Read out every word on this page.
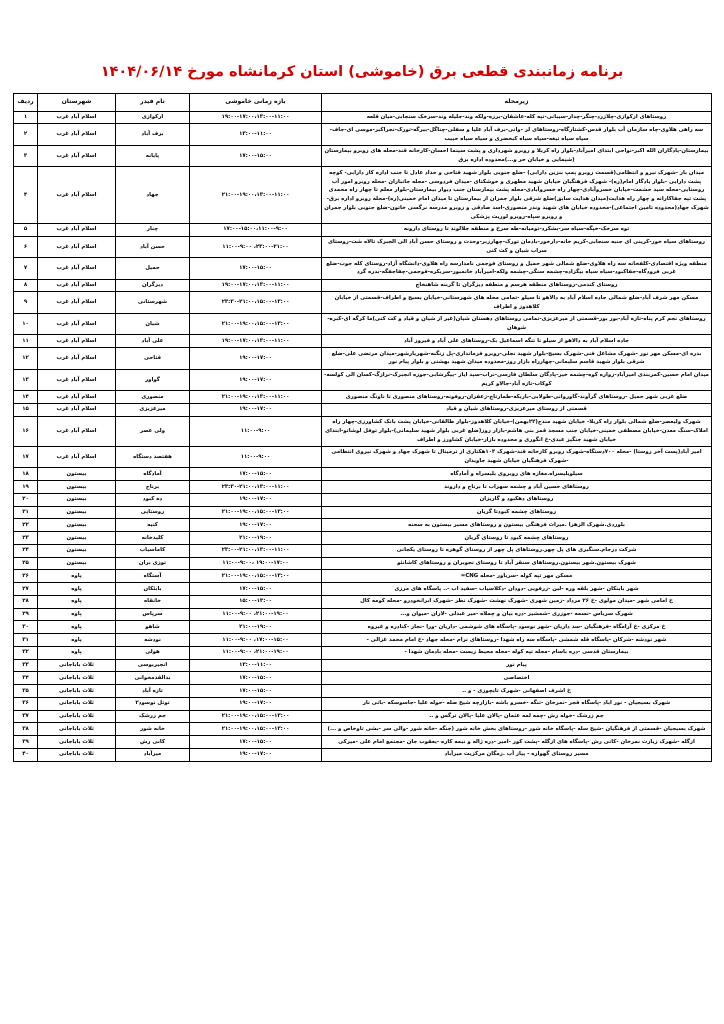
برنامه زمانبندی قطعی برق (خاموشی) استان کرمانشاه مورخ ۱۴۰۴/۰۶/۱۴
زیرمحله	بازه زمانی خاموشی	نام فیدر	شهرستان	ردیف
روستاهای ارکوازی-چلازرد-چنگر-چدار-سیبانی-تپه کله-عاشقان-برزه-ولکه وند-جلیله وند-سرخک سنجابی-میان قلعه	۱۹:۰۰-۱۷:۰۰،۱۳:۰۰-۱۱:۰۰	ارکوازی	اسلام آباد غرب	۱
سه راهی هلاوی-چاه سازمان آب بلوار قدس-کشتارگاه-روستاهای لر -وانی-برف آباد علیا و سفلی-چناگل-بیرگه-تورک-نجراکبر-موسی ای-جاف-سیاه سیاه تیغه-سیاه سیاه کبخضری و سیاه سیاه حبیب	۱۳:۰۰-۱۱:۰۰	برف آباد	اسلام آباد غرب	۲
بیمارستان-یادگاران الله اکبر-نواحی ابتدای امیرآباد-بلوار راه کربلا و روبرو شهرداری و پشت سینما احسان-کارخانه قند-محله های روبرو بیمارستان (شیمایی و خیابان حر و...)محدوده اداره برق	۱۷:۰۰-۱۵:۰۰	پایانه	اسلام آباد غرب	۳
میدان بار -شهرک نیرو و انتظامی(قسمت روبرو پمپ بنزین دارابی) -ضلع جنوبی بلوار شهید فتاحی و حداد عادل تا جنب اداره کار دارابی- کوچه پشت دارایی -بلوار یادگار امام(ره)- شهرک فرهنگیان خیابان شهید مطهری و خوشکتای -میدان فردوسی -محله جانبازان -محله روبرو امور آب روستایی-محله سید حشمت-خیابان خسروآبادی-چهار راه خسروآبادی-محله پشت بیمارستان جنب دیوار بیمارستان-بلوار معلم تا چهار راه محمدی پشت تپه جفاکارانه و چهار راه هدایت(میدان هدایت سابق)ضلع شرقی بلوار جمران از بیمارستان تا میدان امام خمینی(ره)-محله روبرو اداره برق-شهرک جهاد(محدوده تامین اجتماعی)-محدوده خیابان های شهید وندر منصوری-اسد صادقی و روبرو مدرسه نرگسی خاتون-ضلع جنوبی بلوار جمران و روبرو سپاه-روبرو لوریت پزشکی	۲۱:۰۰-۱۹:۰۰،۱۳:۰۰-۱۱:۰۰	جهاد	اسلام آباد غرب	۴
توه سرخک-خپگه-سیاه سر-بشکرد-تومیانه-طه سرخ و منطقه جلالوند تا روستای دارونه	۱۷:۰۰-۱۵:۰۰،۱۱:۰۰-۹:۰۰	چنار	اسلام آباد غرب	۵
روستاهای سیاه خور-کرینی ای جنبه سنجابی-کریم خانه-دارخور-بادمان تورک-چهارزبر-وحدت و روستای حسن آباد الی الجبرک تالاه شت-روستای سراب شیان و کت کنی	۲۳:۰۰-۲۱:۰۰، ۱۱:۰۰-۹:۰۰	حسن آباد	اسلام آباد غرب	۶
منطقه ویژه اقتصادی-کلفخانه سه راه هلاوی-ضلع شمالی شهر حمیل و روستای فوجمی نامدارسه راه هلاوی-دانشگاه آزاد-روستای کله جوب-ضلع غربی فرودگاه-جفاکبود-سیاه سیاه بیگزاده-چشمه سنگی-چشمه ولکه-امیرآباد خانمبور-سربکره-فوجمی-چفاجفگه-بدره گرد	۱۷:۰۰-۱۵:۰۰	حمیل	اسلام آباد غرب	۷
روستای کندمی-روستاهای منطقه هرسم و منطقه دیزگران تا گربنه شاهنخاچ	۱۹:۰۰-۱۷:۰۰،۱۳:۰۰-۱۱:۰۰	دیزگران	اسلام آباد غرب	۸
مسکن مهر شرف آباد-ضلع شمالی جاده اسلام آباد به دالاهو تا سیلو -تمامی محله های شهرستانی-خیابان بسیج و اطراف-قسمتی از خیابان کلاهدوز و اطراف	۲۳:۳۰-۲۱:۰۰،۱۵:۰۰-۱۳:۰۰	شهرستانی	اسلام آباد غرب	۹
روستاهای نجم کرم پناه-تازه آباد-بور بور-قسمتی از میرعزیزی-تمامی روستاهای دهستان شیان(غیر از شیان و قیاد و کت کنی)ما کرگه ای-کبره-شوهان	۲۱:۰۰-۱۹:۰۰،۱۵:۰۰-۱۳:۰۰	شیان	اسلام آباد غرب	۱۰
جاده اسلام آباد به دالاهو از سیلو تا تنگه اسماعیل بک-روستاهای علی آباد و فیروز آباد	۱۹:۰۰-۱۷:۰۰،۱۳:۰۰-۱۱:۰۰	علی آباد	اسلام آباد غرب	۱۱
بدره ای-مسکن مهر نور -شهرک مشاغل فنی-شهرک بسیج-بلوار شهید نجلی-روبرو فرمانداری-پل زنگنه-شهریارشهر-میدان مرتضی علی-ضلع شرقی بلوار شهید قاسم سلیمانی-چهارراه بازار روز-محدوده میدان شهید بهشتی و بلوار پیام نور	۱۹:۰۰-۱۷:۰۰	فتاحی	اسلام آباد غرب	۱۲
میدان امام حسین-کمربندی امیرآباد-زواره کوه-چشمه خیر-پادگان سلطان فارسی-نراب-سید ایاز -ییگرشابی-جوزه انجبرک-نرازگ-کسان الی کولسه-کوکاب-تازه آباد-جالاو کریم	۱۹:۰۰-۱۷:۰۰	گواور	اسلام آباد غرب	۱۳
ضلع غربی شهر حمیل -روستاهای گرآوند-گاوروانی-طولابی-باربکه-طمارتاچ-زعفران-روفونه-روستاهای منصوری تا ناونگ منصوری	۲۱:۰۰-۱۹:۰۰،۱۳:۰۰-۱۱:۰۰	منصوری	اسلام آباد غرب	۱۴
قسمتی از روستای میرعزیزی-روستاهای شیان و قیاد	۱۹:۰۰-۱۷:۰۰	میرعزیزی	اسلام آباد غرب	۱۵
شهرک ولیعصر-ضلع شمالی بلوار راه کربلا- خیابان شهید مندج(۲۲بهمن)-خیابان کلاهدوز-بلوار طالقانی-خیابان پشت بانک کشاورزی-چهار راه املاک-سنگ معدن-خیابان مصطفی خمینی-خیابان جنب مسجد قمر بنی هاشم-بازار روز(ضلع غربی بلوار شهید سلیمانی)-بلوار توفل لوشاتو-ابتدای خیابان شهید جنگیز عبدی-خ انگوری و محدوده بازار-خیابان کشاورز و اطراف	۱۱:۰۰-۹:۰۰	ولی عصر	اسلام آباد غرب	۱۶
امیر آباد(پست آخر روستا) -محله ۷۰۰دستگاه-شهرک روبرو کارخانه قند-شهرک ۱۰۳هکتاری از ترمینال تا شهرک جهاد و شهرک نیروی انتظامی -شهرک فرهنگیان خیابان شهید جاویدان	۱۱:۰۰-۹:۰۰	هفتصد دستگاه	اسلام آباد غرب	۱۷
سیلوبلیسراه.مغازه های روبروی بلیسراه و آمادگاه	۱۷:۰۰-۱۵:۰۰	آمادگاه	بیستون	۱۸
روستاهای حسین آباد و چشمه سهراب تا برناج و داروند	۲۳:۳۰-۲۱:۰۰،۱۳:۰۰-۱۱:۰۰	برناج	بیستون	۱۹
روستاهای دهکبود و گاریزان	۱۹:۰۰-۱۷:۰۰	ده کبود	بیستون	۲۰
روستاهای چشمه کبودتا گریان	۲۱:۰۰-۱۹:۰۰،۱۵:۰۰-۱۳:۰۰	روستایی	بیستون	۲۱
بلوردی.شهرک الزهرا .میراث فرهنگی بیستون و روستاهای مسیر بیستون به سحنه	۱۹:۰۰-۱۷:۰۰	کنیه	بیستون	۲۲
روستاهای چشمه کبود تا روستای گریان	۲۱:۰۰-۱۹:۰۰	کلیدخانه	بیستون	۲۳
شرکت درجام.سنگبری های پل چهر.روستاهای پل چهر از روستای گوهره تا روستای یکجانی	۲۳:۰۰-۲۱:۰۰،۱۳:۰۰-۱۱:۰۰	کاماسیاب	بیستون	۲۴
شهرک بیستون.شهر بیستون.روستاهای سنقر آباد تا روستای نجوبران و روستاهای کاشانئو	۱۹:۰۰-۱۷:۰۰ ،۱۱:۰۰-۹:۰۰	توزی بران	بیستون	۲۵
مسکن مهر تپه کوله -سرباور -محله CNG=	۲۱:۰۰-۱۹:۰۰،۱۵:۰۰-۱۳:۰۰	آستگاه	پاوه	۲۶
شهر بابنکان -شهر بلقه وره -لین -زرفویی -دودان -دکلاسیاب -سفید اب -.. پاسگاه های مرزی	۱۷:۰۰-۱۵:۰۰	بابئکان	پاوه	۲۷
خ امامی شهر -میدان مولوی -خ ۲۶ مرداد -زمین شهری -شهرک نهشت -شهرک نظر -شهرک ابرانخودرو -محله کومه کال	۱۵:۰۰-۱۳:۰۰	خانقاه	پاوه	۲۸
شهرک سرباس -نسمه -جوزری -شمشیر -دره بیان و چملاه -میر عبدلی -لاران -میوان و...	۲۱:۰۰-۱۹:۰۰، ۱۱:۰۰-۹:۰۰	سرپاس	پاوه	۲۹
خ مرکزی -خ آرامگاه -فرهنگیان -سد داریان -شهر نوسود -پاسگاه های شوشمی -داریان -ورا -نجار -کنادره و غیروه	۲۱:۰۰-۱۹:۰۰	شاهو	پاوه	۳۰
شهر نودشه -شرکان -پاسگاه قله شمشی -پاسگاه سه راه شهدا -روستاهای نرام -محله جهاد -خ امام محمد غزالی -	۱۷:۰۰-۱۵:۰۰، ۱۱:۰۰-۹:۰۰	نودشه	پاوه	۳۱
بیمارستان قدسی -دره باسام -محله تپه کوله -محله محیط زیست -محله بادمان شهدا -	۲۱:۰۰-۱۹:۰۰، ۱۱:۰۰-۹:۰۰	هولی	پاوه	۳۲
پیام نور	۱۳:۰۰-۱۱:۰۰	انجیربوسی	ثلاث باباجانی	۳۳
اختصاصی	۱۷:۰۰-۱۵:۰۰	بدالقدمخوانی	ثلاث باباجانی	۳۴
خ اشرف اصفهانی -شهرک تایچوزی - و ..	۱۷:۰۰-۱۵:۰۰	تازه آباد	ثلاث باباجانی	۳۵
شهرک بسیجیان - نور اباد -پاسگاه فجر -نمرخان -تنگه -خسرو باشه -بازارچه شیخ صله -حوله علیا -جاسوسکه -باتی نار	۱۹:۰۰-۱۷:۰۰	توتل نوسود۲	ثلاث باباجانی	۳۶
جم زرشک -خوله رش -چمه لمه عثمان -پالان علیا -پالان ترگس و ..	۲۱:۰۰-۱۹:۰۰،۱۵:۰۰-۱۳:۰۰	جم زرشک	ثلاث باباجانی	۳۷
شهرک بسیجیان -قسمتی از فرهنگیان -شیخ سله -پاسگاه خانه شور -روستاهای بخش خانه شور (جنگه -خانه شور -والی سر -بشی تاوخاص و ...)	۲۱:۰۰-۱۹:۰۰،۱۵:۰۰-۱۳:۰۰	خانه شور	ثلاث باباجانی	۳۸
ازگله -شهرک زیارت نمرخان -کانی رش -پاسگاه های ازگله -پشت کور -امیر -دره ژاله و نیمه کاره -یعقوب جان -مجتمع امام علی -میرکی	۱۷:۰۰-۱۵:۰۰	کانی رش	ثلاث باباجانی	۳۹
مسیر روستای گهواره - پیاز آب .زمگان مرکزیت میرآباد	۱۹:۰۰-۱۷:۰۰	میرآباد	ثلاث باباجانی	۴۰
